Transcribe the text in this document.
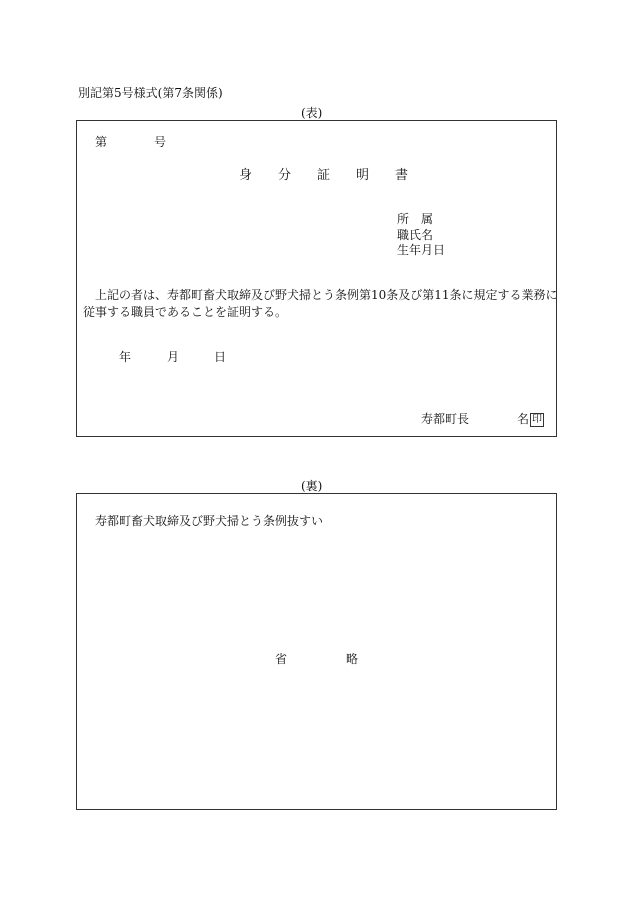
別記第5号様式(第7条関係)
(表)
第	号
身　　分　　証　　明　　書
所　属
職氏名
生年月日
上記の者は、寿都町畜犬取締及び野犬掃とう条例第10条及び第11条に規定する業務に
従事する職員であることを証明する。
年	月	日
寿都町長	名 印
(裏)
寿都町畜犬取締及び野犬掃とう条例抜すい
省	略
